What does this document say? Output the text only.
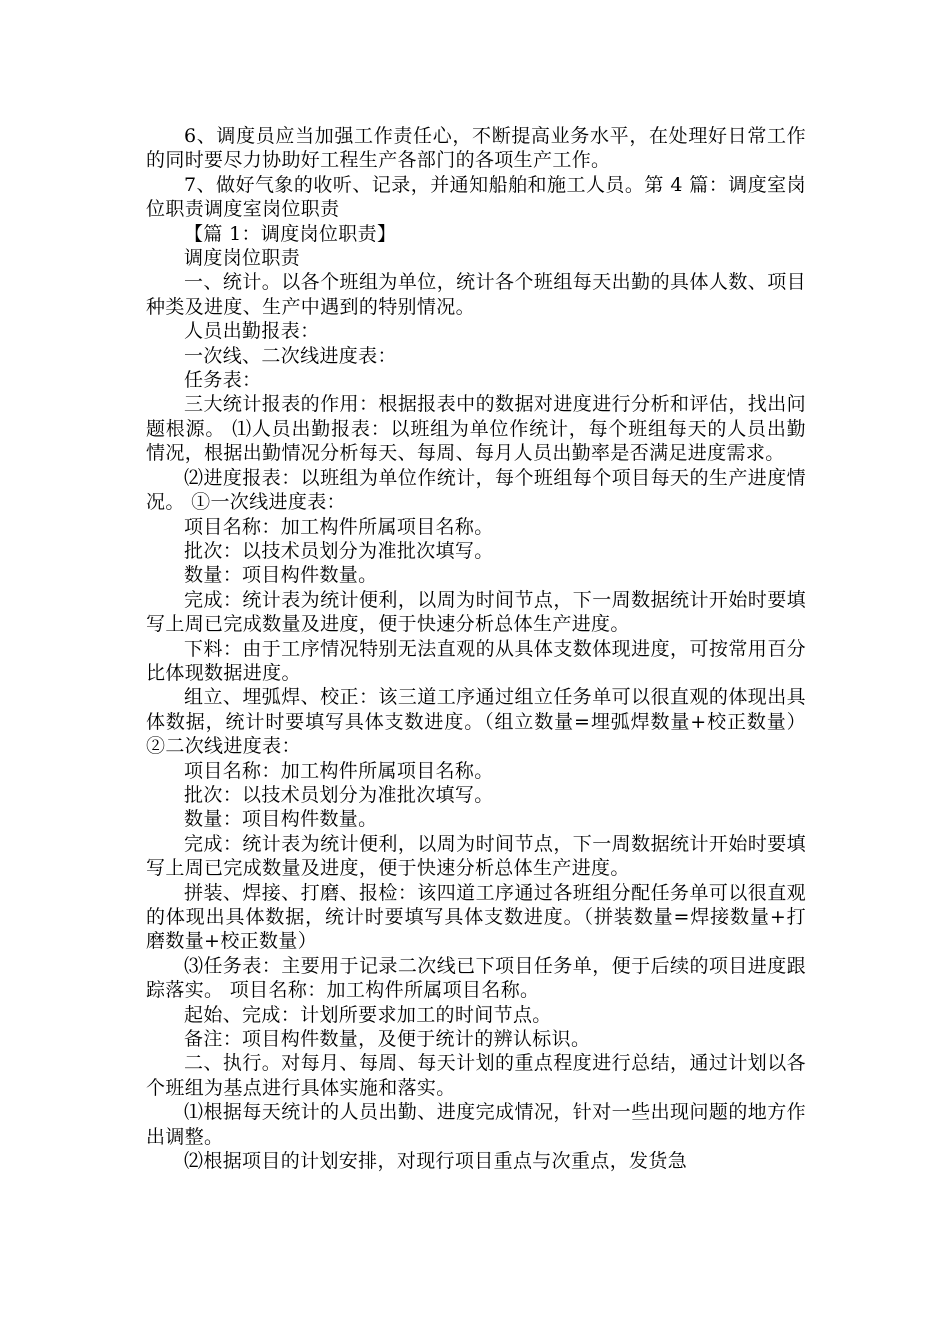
6、调度员应当加强工作责任心，不断提高业务水平，在处理好日常工作的同时要尽力协助好工程生产各部门的各项生产工作。

7、做好气象的收听、记录，并通知船舶和施工人员。第 4 篇：调度室岗位职责调度室岗位职责

【篇 1：调度岗位职责】

调度岗位职责

一、统计。以各个班组为单位，统计各个班组每天出勤的具体人数、项目种类及进度、生产中遇到的特别情况。

人员出勤报表：

一次线、二次线进度表：

任务表：

三大统计报表的作用：根据报表中的数据对进度进行分析和评估，找出问题根源。 ⑴人员出勤报表：以班组为单位作统计，每个班组每天的人员出勤情况，根据出勤情况分析每天、每周、每月人员出勤率是否满足进度需求。

⑵进度报表：以班组为单位作统计，每个班组每个项目每天的生产进度情况。 ①一次线进度表：

项目名称：加工构件所属项目名称。

批次：以技术员划分为准批次填写。

数量：项目构件数量。

完成：统计表为统计便利，以周为时间节点，下一周数据统计开始时要填写上周已完成数量及进度，便于快速分析总体生产进度。

下料：由于工序情况特别无法直观的从具体支数体现进度，可按常用百分比体现数据进度。

组立、埋弧焊、校正：该三道工序通过组立任务单可以很直观的体现出具体数据，统计时要填写具体支数进度。（组立数量=埋弧焊数量+校正数量） ②二次线进度表：

项目名称：加工构件所属项目名称。

批次：以技术员划分为准批次填写。

数量：项目构件数量。

完成：统计表为统计便利，以周为时间节点，下一周数据统计开始时要填写上周已完成数量及进度，便于快速分析总体生产进度。

拼装、焊接、打磨、报检：该四道工序通过各班组分配任务单可以很直观的体现出具体数据，统计时要填写具体支数进度。（拼装数量=焊接数量+打磨数量+校正数量）

⑶任务表：主要用于记录二次线已下项目任务单，便于后续的项目进度跟踪落实。 项目名称：加工构件所属项目名称。

起始、完成：计划所要求加工的时间节点。

备注：项目构件数量，及便于统计的辨认标识。

二、执行。对每月、每周、每天计划的重点程度进行总结，通过计划以各个班组为基点进行具体实施和落实。

⑴根据每天统计的人员出勤、进度完成情况，针对一些出现问题的地方作出调整。

⑵根据项目的计划安排，对现行项目重点与次重点，发货急
